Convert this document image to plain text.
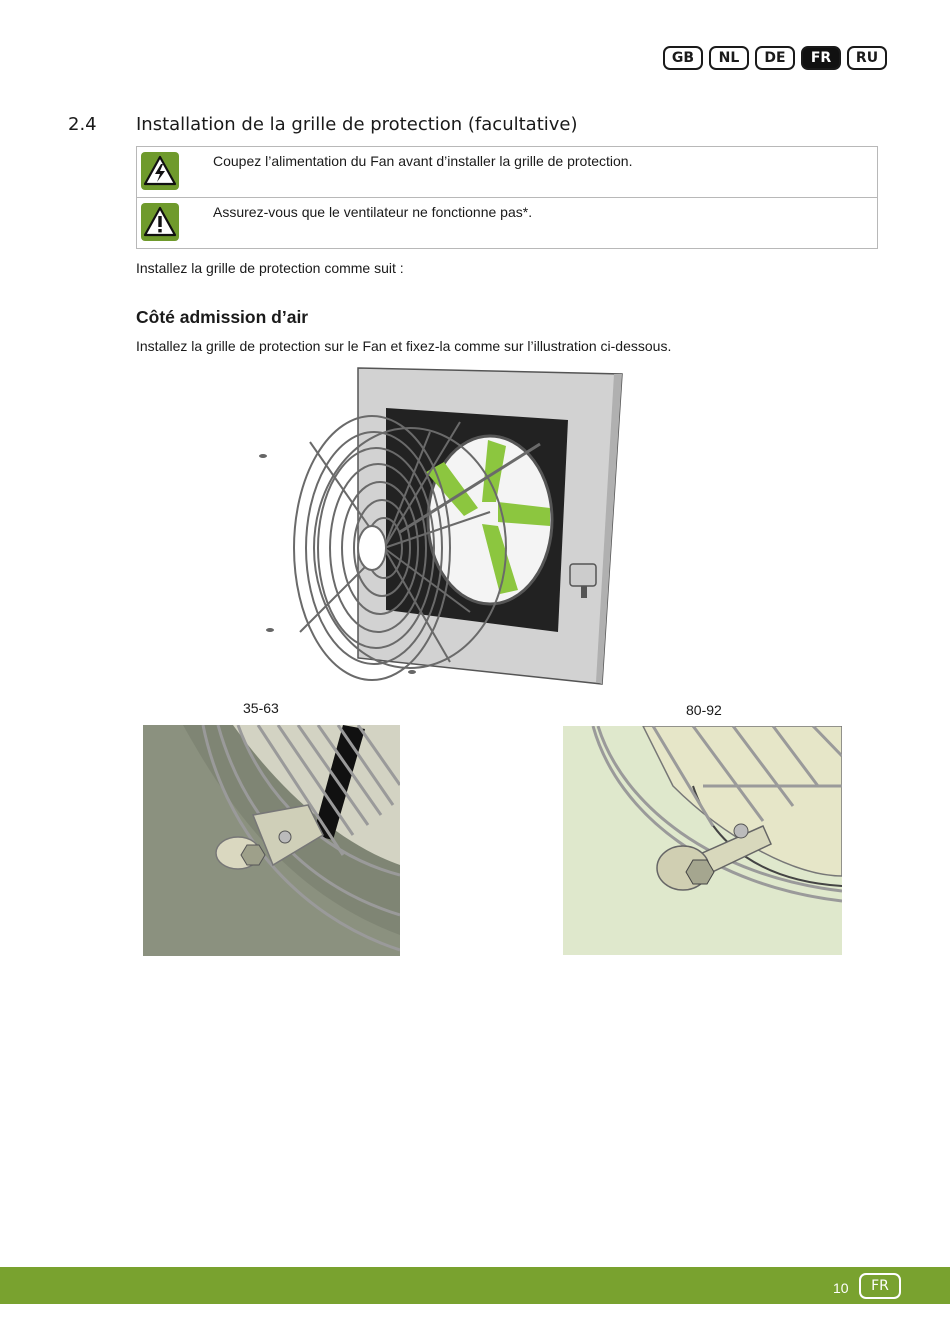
GB	NL	DE	FR	RU
2.4 Installation de la grille de protection (facultative)
Coupez l’alimentation du Fan avant d’installer la grille de protection.
Assurez-vous que le ventilateur ne fonctionne pas*.
Installez la grille de protection comme suit :
Côté admission d’air
Installez la grille de protection sur le Fan et fixez-la comme sur l’illustration ci-dessous.
35-63	80-92
10	FR
